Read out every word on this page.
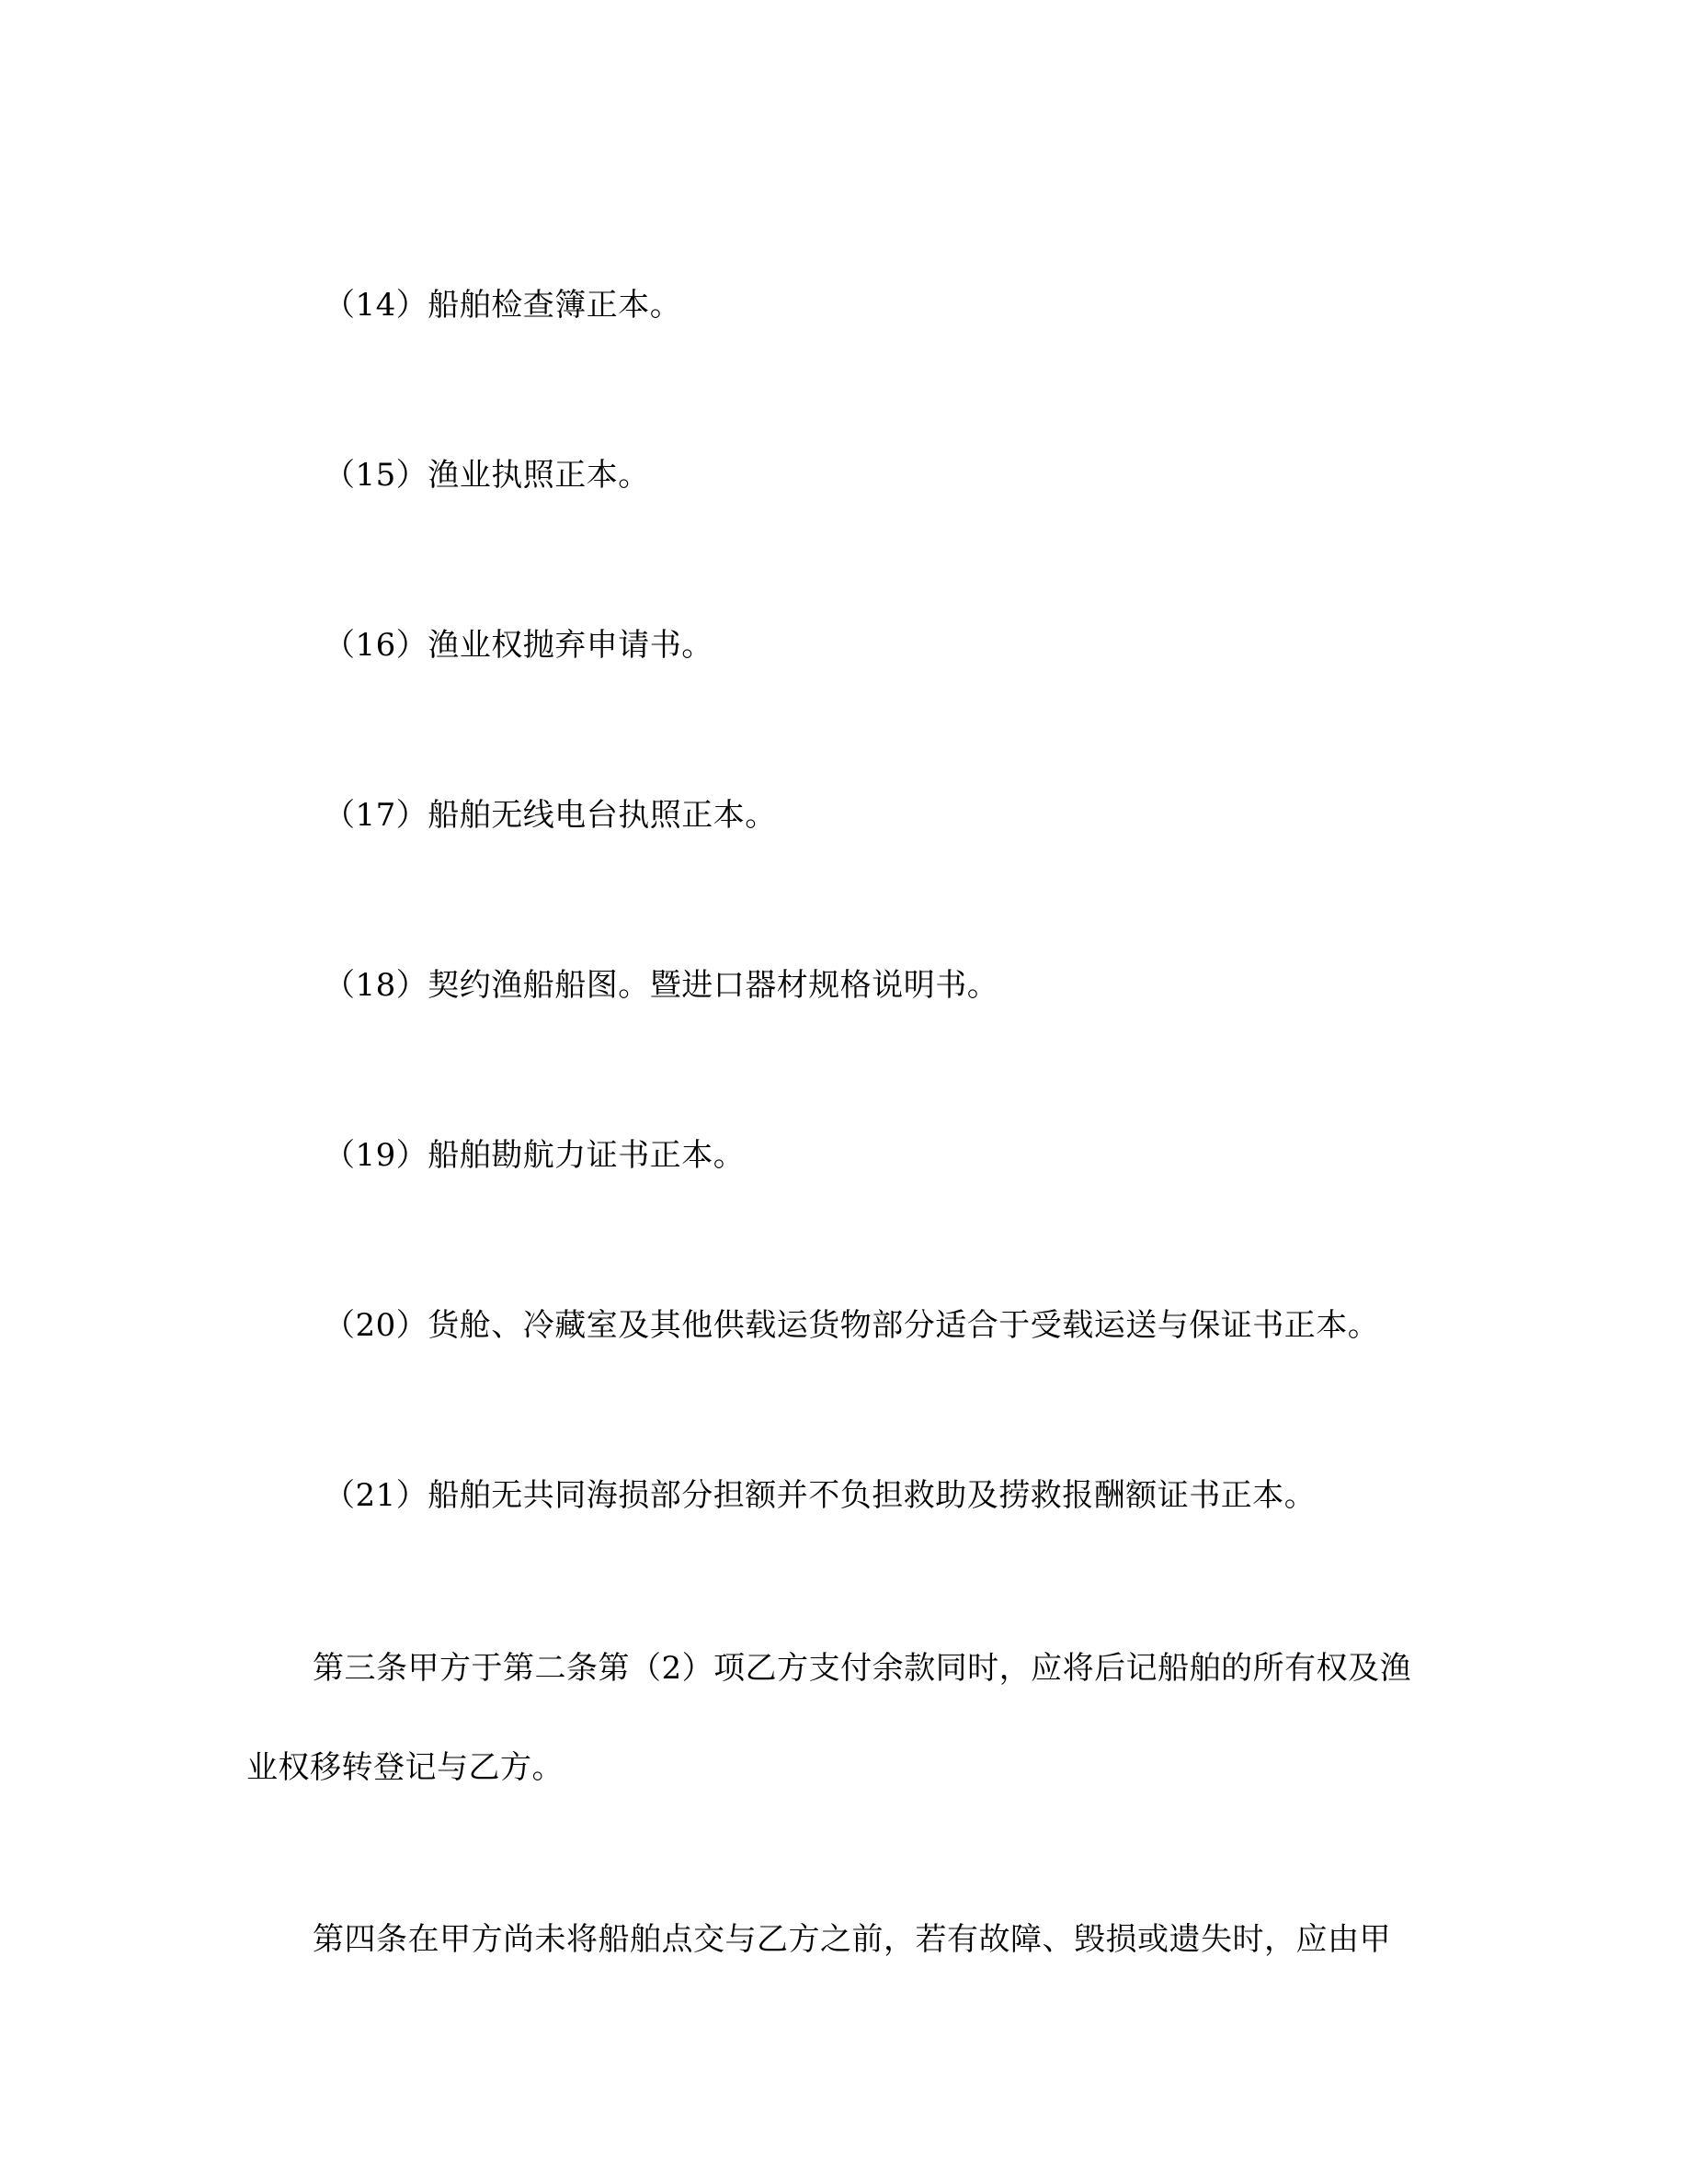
（14）船舶检查簿正本。
（15）渔业执照正本。
（16）渔业权抛弃申请书。
（17）船舶无线电台执照正本。
（18）契约渔船船图。暨进口器材规格说明书。
（19）船舶勘航力证书正本。
（20）货舱、冷藏室及其他供载运货物部分适合于受载运送与保证书正本。
（21）船舶无共同海损部分担额并不负担救助及捞救报酬额证书正本。
第三条甲方于第二条第（2）项乙方支付余款同时，应将后记船舶的所有权及渔
业权移转登记与乙方。
第四条在甲方尚未将船舶点交与乙方之前，若有故障、毁损或遗失时，应由甲
